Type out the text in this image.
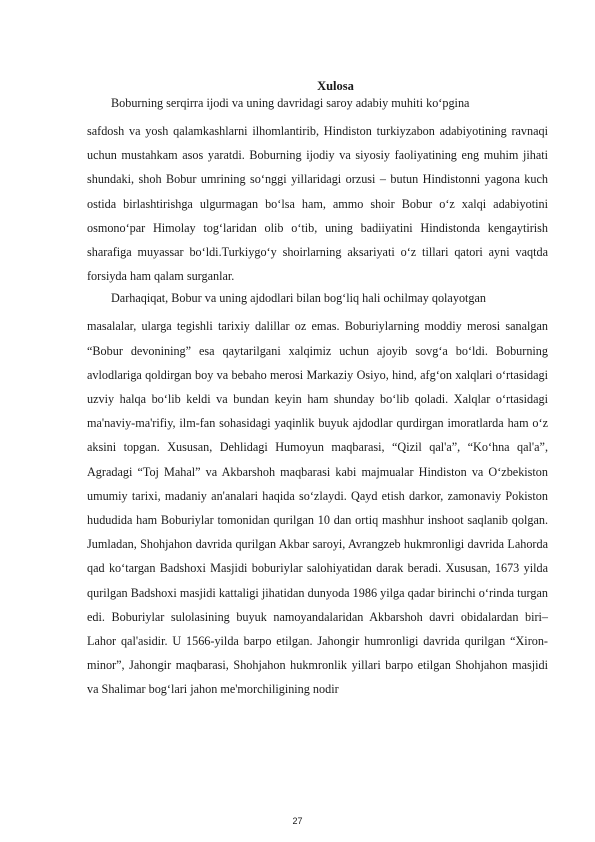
Xulosa

Boburning serqirra ijodi va uning davridagi saroy adabiy muhiti ko‘pgina

safdosh va yosh qalamkashlarni ilhomlantirib, Hindiston turkiyzabon adabiyotining ravnaqi uchun mustahkam asos yaratdi. Boburning ijodiy va siyosiy faoliyatining eng muhim jihati shundaki, shoh Bobur umrining so‘nggi yillaridagi orzusi – butun Hindistonni yagona kuch ostida birlashtirishga ulgurmagan bo‘lsa ham, ammo shoir Bobur o‘z xalqi adabiyotini osmono‘par Himolay tog‘laridan olib o‘tib, uning badiiyatini Hindistonda kengaytirish sharafiga muyassar bo‘ldi.Turkiygo‘y shoirlarning aksariyati o‘z tillari qatori ayni vaqtda forsiyda ham qalam surganlar.

Darhaqiqat, Bobur va uning ajdodlari bilan bog‘liq hali ochilmay qolayotgan

masalalar, ularga tegishli tarixiy dalillar oz emas. Boburiylarning moddiy merosi sanalgan “Bobur devonining” esa qaytarilgani xalqimiz uchun ajoyib sovg‘a bo‘ldi. Boburning avlodlariga qoldirgan boy va bebaho merosi Markaziy Osiyo, hind, afg‘on xalqlari o‘rtasidagi uzviy halqa bo‘lib keldi va bundan keyin ham shunday bo‘lib qoladi. Xalqlar o‘rtasidagi ma'naviy-ma'rifiy, ilm-fan sohasidagi yaqinlik buyuk ajdodlar qurdirgan imoratlarda ham o‘z aksini topgan. Xususan, Dehlidagi Humoyun maqbarasi, “Qizil qal'a”, “Ko‘hna qal'a”, Agradagi “Toj Mahal” va Akbarshoh maqbarasi kabi majmualar Hindiston va O‘zbekiston umumiy tarixi, madaniy an'analari haqida so‘zlaydi. Qayd etish darkor, zamonaviy Pokiston hududida ham Boburiylar tomonidan qurilgan 10 dan ortiq mashhur inshoot saqlanib qolgan. Jumladan, Shohjahon davrida qurilgan Akbar saroyi, Avrangzeb hukmronligi davrida Lahorda qad ko‘targan Badshoxi Masjidi boburiylar salohiyatidan darak beradi. Xususan, 1673 yilda qurilgan Badshoxi masjidi kattaligi jihatidan dunyoda 1986 yilga qadar birinchi o‘rinda turgan edi. Boburiylar sulolasining buyuk namoyandalaridan Akbarshoh davri obidalardan biri– Lahor qal'asidir. U 1566-yilda barpo etilgan. Jahongir humronligi davrida qurilgan “Xiron-minor”, Jahongir maqbarasi, Shohjahon hukmronlik yillari barpo etilgan Shohjahon masjidi va Shalimar bog‘lari jahon me'morchiligining nodir

27
